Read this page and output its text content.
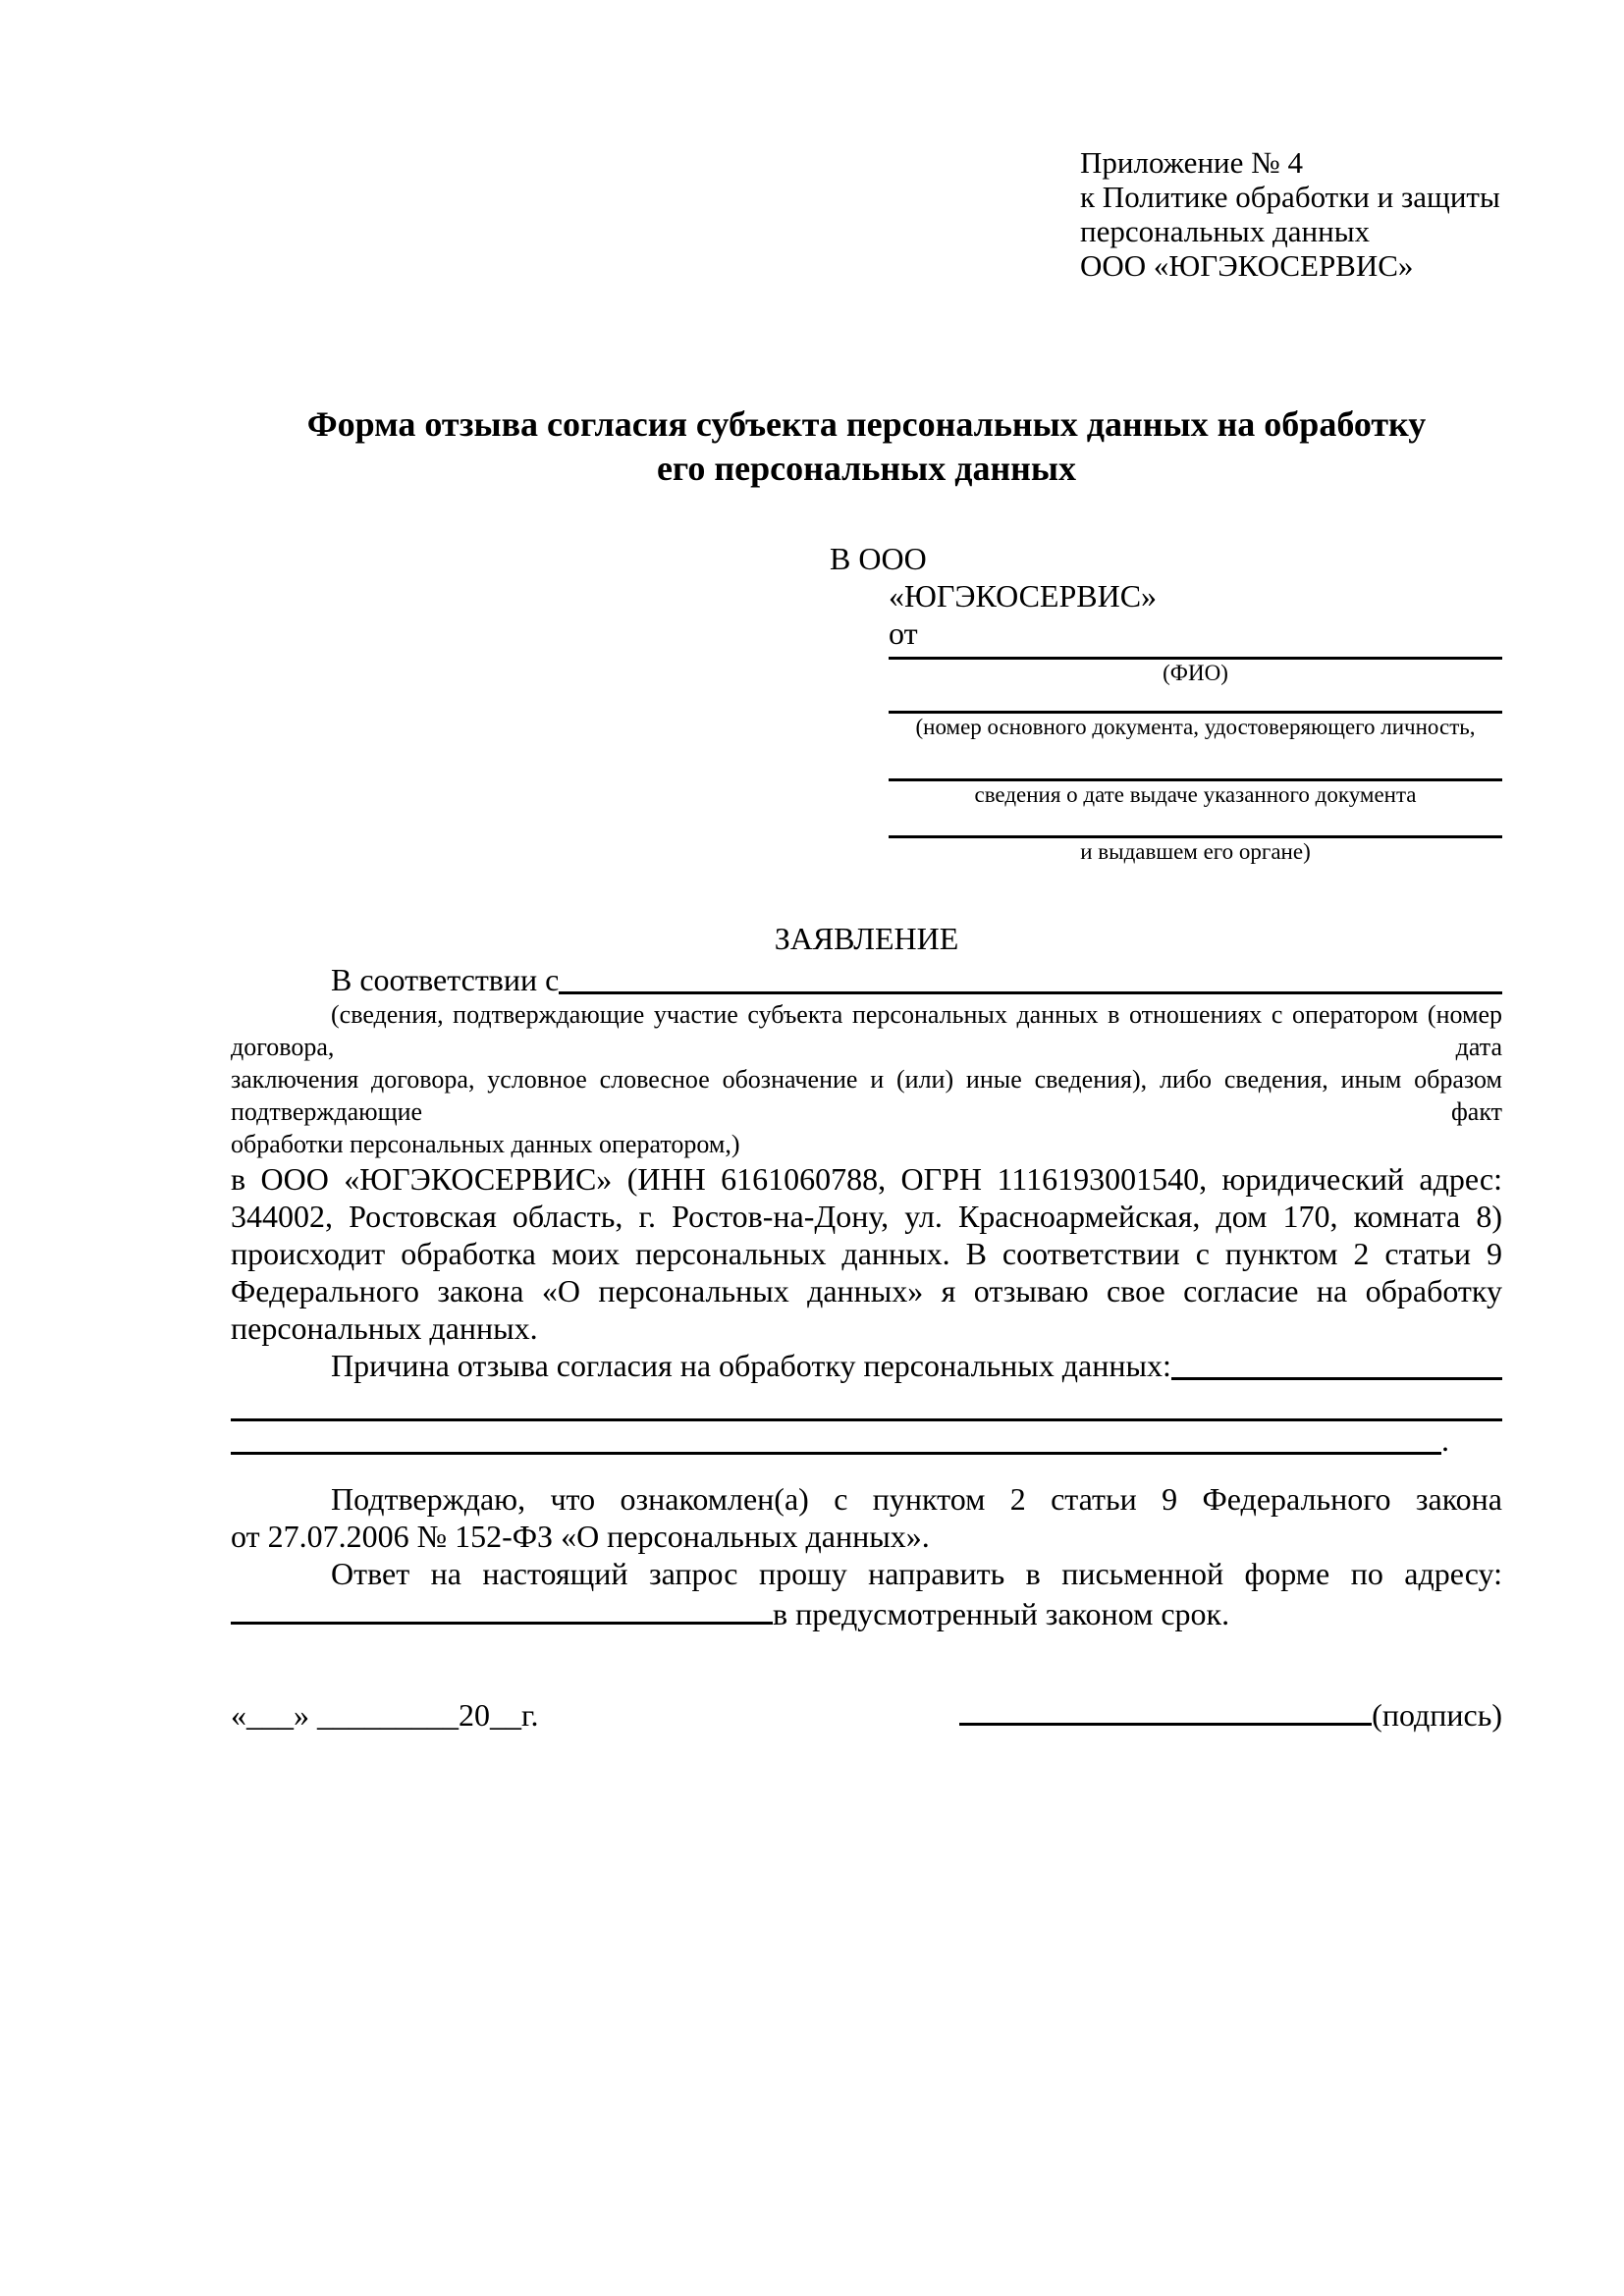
Приложение № 4
к Политике обработки и защиты
персональных данных
ООО «ЮГЭКОСЕРВИС»
Форма отзыва согласия субъекта персональных данных на обработку
его персональных данных
В ООО
«ЮГЭКОСЕРВИС»
от
(ФИО)
(номер основного документа, удостоверяющего личность,
сведения о дате выдаче указанного документа
и выдавшем его органе)
ЗАЯВЛЕНИЕ
В соответствии с
(сведения, подтверждающие участие субъекта персональных данных в отношениях с оператором (номер договора, дата
заключения договора, условное словесное обозначение и (или) иные сведения), либо сведения, иным образом подтверждающие факт
обработки персональных данных оператором,)
в ООО «ЮГЭКОСЕРВИС» (ИНН 6161060788, ОГРН 1116193001540, юридический адрес:
344002, Ростовская область, г. Ростов-на-Дону, ул. Красноармейская, дом 170, комната 8)
происходит обработка моих персональных данных. В соответствии с пунктом 2 статьи 9
Федерального закона «О персональных данных» я отзываю свое согласие на обработку
персональных данных.
Причина отзыва согласия на обработку персональных данных:
.
Подтверждаю, что ознакомлен(а) с пунктом 2 статьи 9 Федерального закона
от 27.07.2006 № 152-ФЗ «О персональных данных».
Ответ на настоящий запрос прошу направить в письменной форме по адресу:
в предусмотренный законом срок.
«___» _________20__г.	(подпись)
